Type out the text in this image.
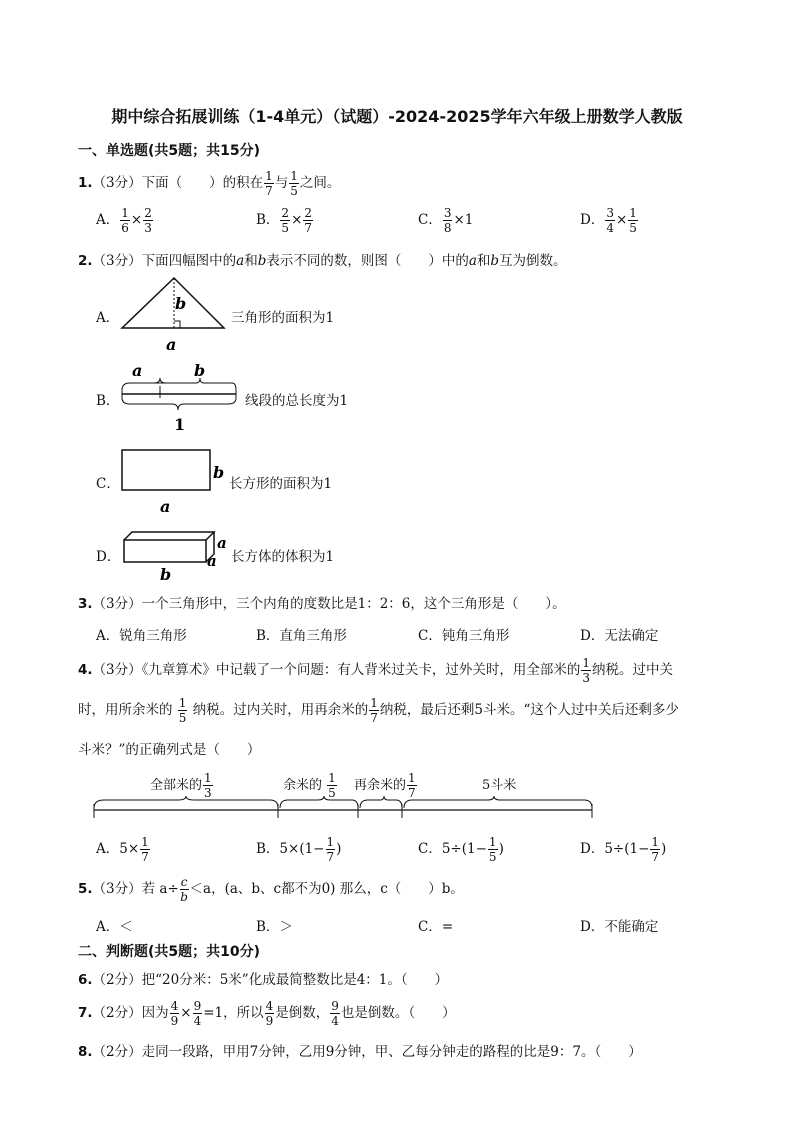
期中综合拓展训练（1-4单元）（试题）-2024-2025学年六年级上册数学人教版
一、单选题(共5题；共15分)
1.（3分）下面（　　）的积在 $\frac{1}{7}$ 与 $\frac{1}{5}$ 之间。
A． $\frac{1}{6} \times \frac{2}{3}$	B． $\frac{2}{5} \times \frac{2}{7}$	C． $\frac{3}{8} \times 1$	D． $\frac{3}{4} \times \frac{1}{5}$
2.（3分）下面四幅图中的a和b表示不同的数，则图（　　）中的a和b互为倒数。
A．
b
a
三角形的面积为1
B．
a	b
1
线段的总长度为1
C．
b
a
长方形的面积为1
D．
a
a
b
长方体的体积为1
3.（3分）一个三角形中，三个内角的度数比是1：2：6，这个三角形是（　　）。
A．锐角三角形	B．直角三角形	C．钝角三角形	D．无法确定
4.（3分）《九章算术》中记载了一个问题：有人背米过关卡，过外关时，用全部米的 $\frac{1}{3}$ 纳税。过中关
时，用所余米的 $\frac{1}{5}$ 纳税。过内关时，用再余米的 $\frac{1}{7}$ 纳税，最后还剩5斗米。“这个人过中关后还剩多少
斗米？”的正确列式是（　　）
全部米的 $\frac{1}{3}$	余米的 $\frac{1}{5}$ 再余米的 $\frac{1}{7}$	5斗米
A．$5\times \frac{1}{7}$	B．$5\times(1- \frac{1}{7}$ )	C．$5\div(1- \frac{1}{5}$ )	D．$5\div(1- \frac{1}{7}$ )
5.（3分）若 $a\div \frac{c}{b} <a$，(a、b、c都不为0) 那么，c（　　）b。
A．＜	B．＞	C．=	D．不能确定
二、判断题(共5题；共10分)
6.（2分）把“20分米：5米”化成最简整数比是4：1。（　　）
7.（2分）因为 $\frac{4}{9} \times \frac{9}{4} =1$，所以 $\frac{4}{9}$ 是倒数， $\frac{9}{4}$ 也是倒数。（　　）
8.（2分）走同一段路，甲用7分钟，乙用9分钟，甲、乙每分钟走的路程的比是9：7。（　　）
